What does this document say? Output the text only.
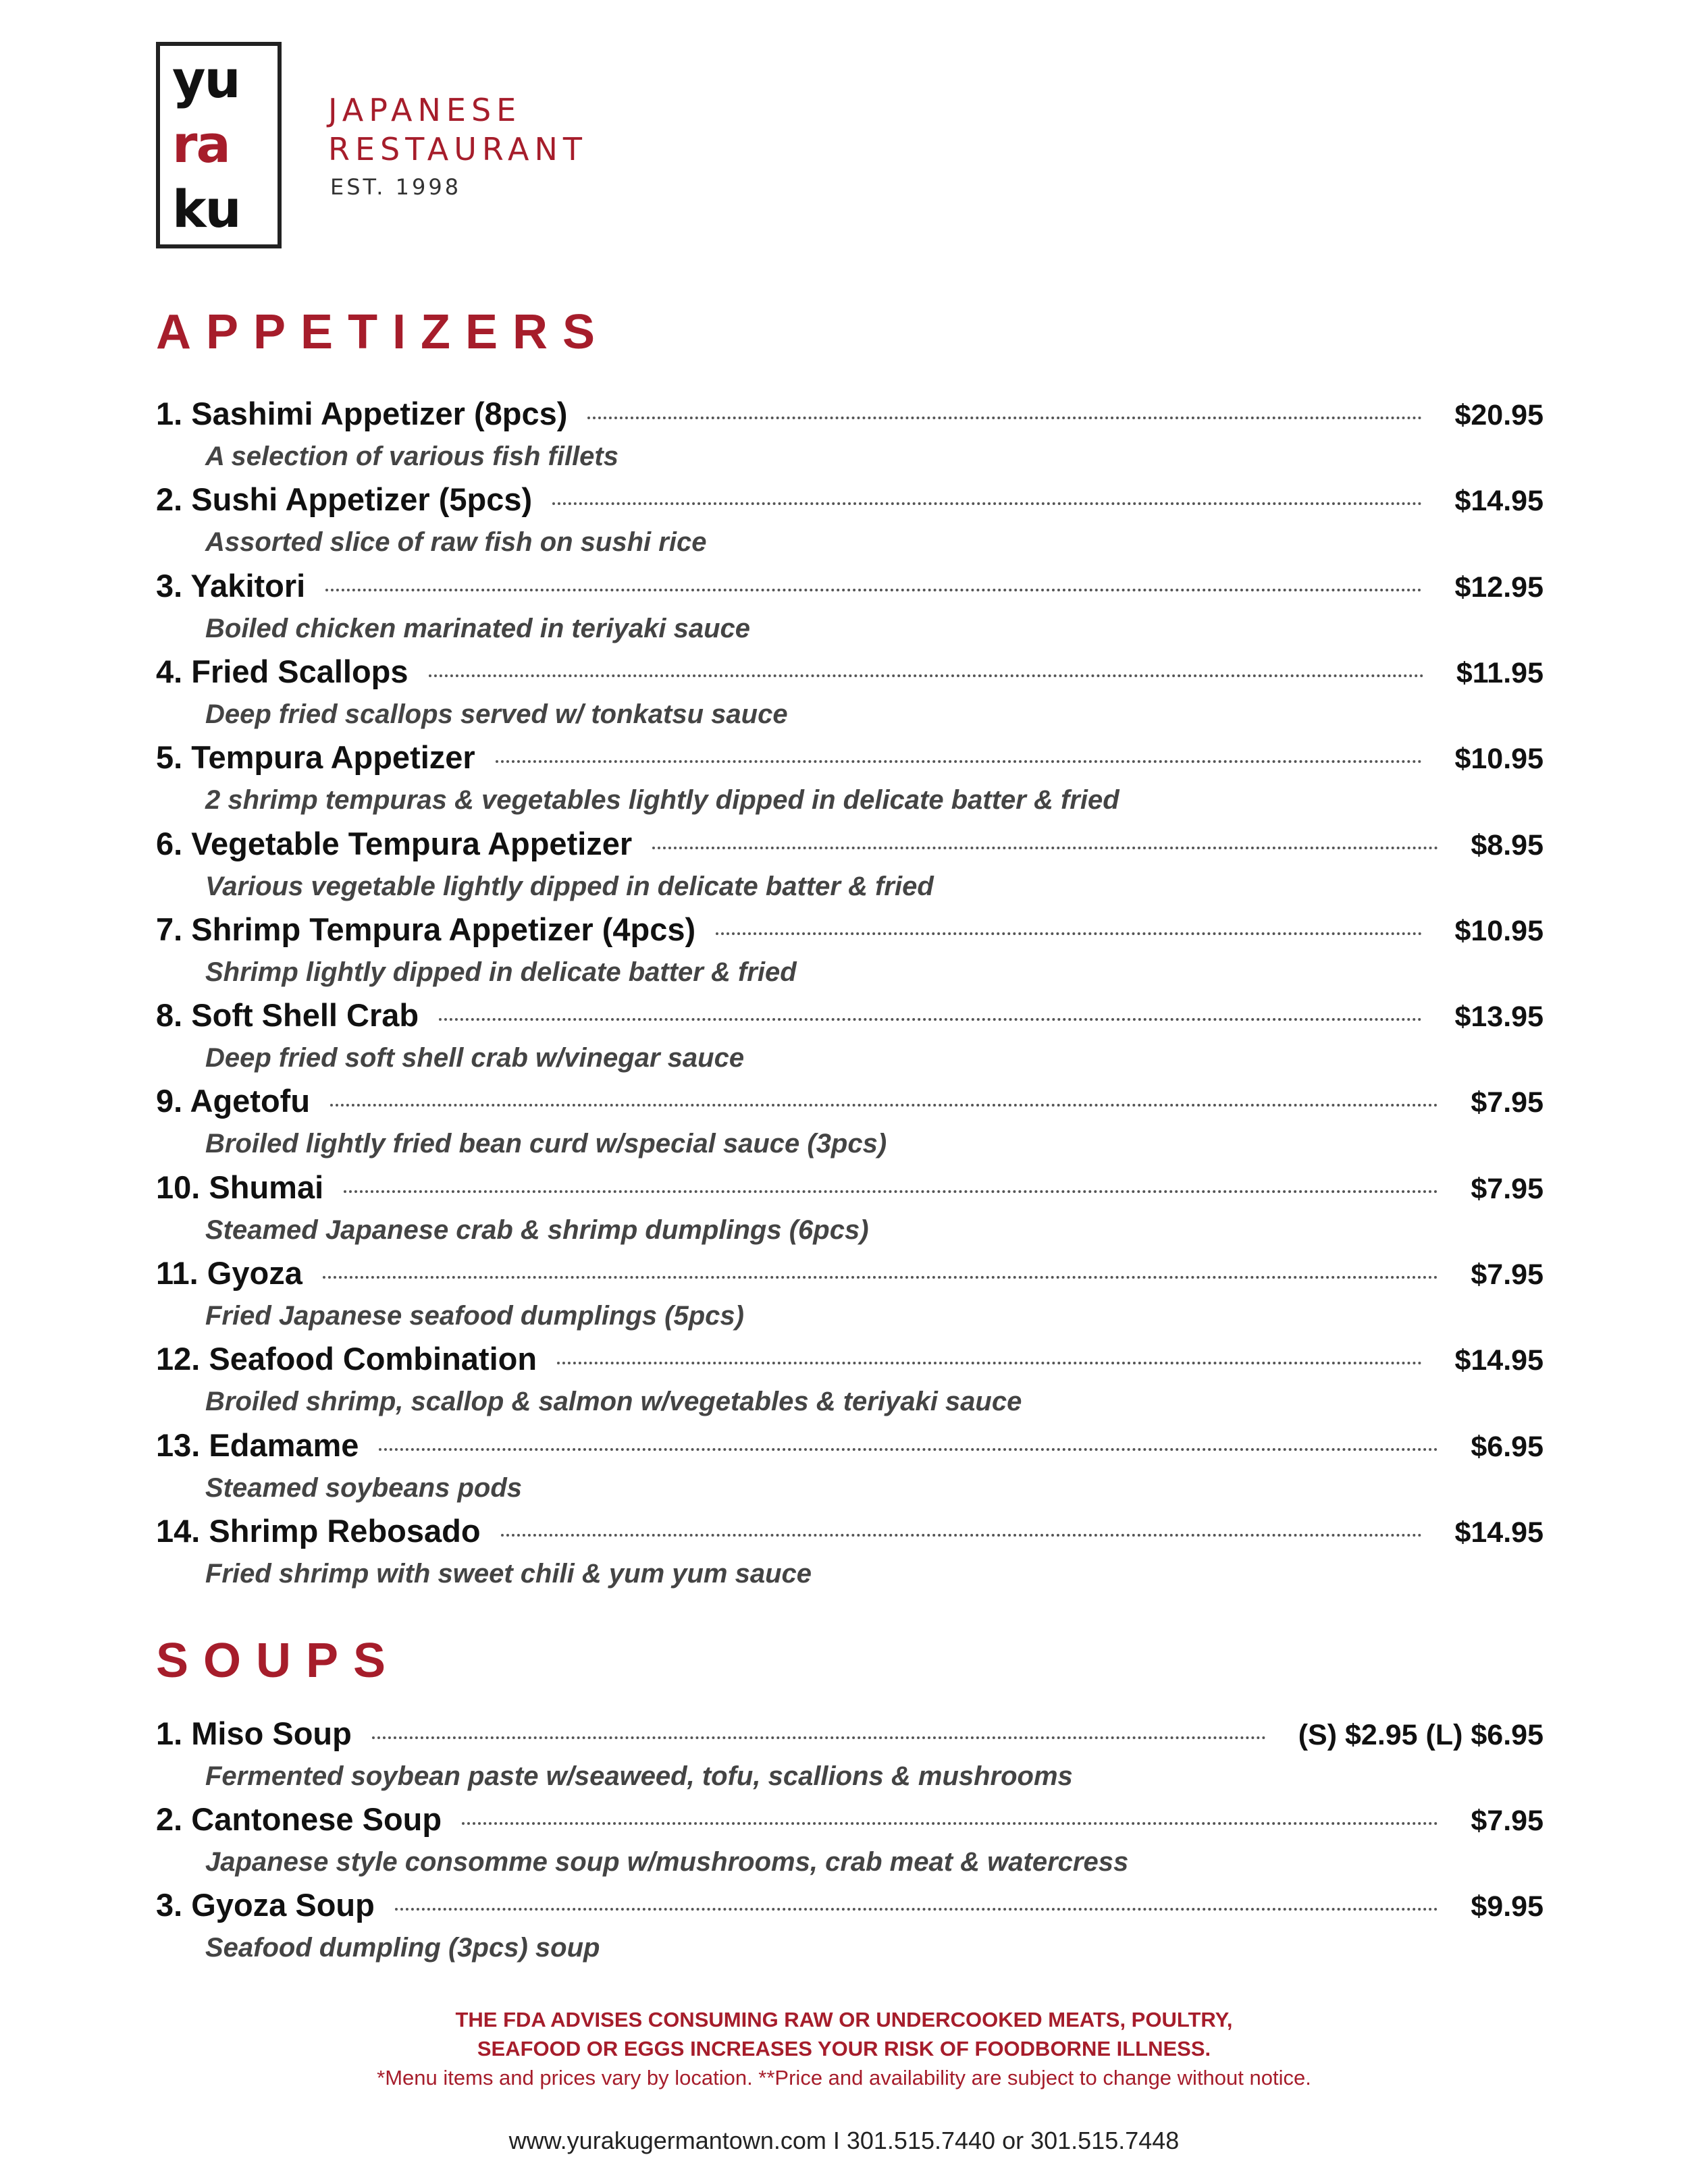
yu
ra
ku
JAPANESE
RESTAURANT
EST. 1998
APPETIZERS
1. Sashimi Appetizer (8pcs)	$20.95
A selection of various fish fillets
2. Sushi Appetizer (5pcs)	$14.95
Assorted slice of raw fish on sushi rice
3. Yakitori	$12.95
Boiled chicken marinated in teriyaki sauce
4. Fried Scallops	$11.95
Deep fried scallops served w/ tonkatsu sauce
5. Tempura Appetizer	$10.95
2 shrimp tempuras & vegetables lightly dipped in delicate batter & fried
6. Vegetable Tempura Appetizer	$8.95
Various vegetable lightly dipped in delicate batter & fried
7. Shrimp Tempura Appetizer (4pcs)	$10.95
Shrimp lightly dipped in delicate batter & fried
8. Soft Shell Crab	$13.95
Deep fried soft shell crab w/vinegar sauce
9. Agetofu	$7.95
Broiled lightly fried bean curd w/special sauce (3pcs)
10. Shumai	$7.95
Steamed Japanese crab & shrimp dumplings (6pcs)
11. Gyoza	$7.95
Fried Japanese seafood dumplings (5pcs)
12. Seafood Combination	$14.95
Broiled shrimp, scallop & salmon w/vegetables & teriyaki sauce
13. Edamame	$6.95
Steamed soybeans pods
14. Shrimp Rebosado	$14.95
Fried shrimp with sweet chili & yum yum sauce
SOUPS
1. Miso Soup	(S) $2.95 (L) $6.95
Fermented soybean paste w/seaweed, tofu, scallions & mushrooms
2. Cantonese Soup	$7.95
Japanese style consomme soup w/mushrooms, crab meat & watercress
3. Gyoza Soup	$9.95
Seafood dumpling (3pcs) soup
THE FDA ADVISES CONSUMING RAW OR UNDERCOOKED MEATS, POULTRY,
SEAFOOD OR EGGS INCREASES YOUR RISK OF FOODBORNE ILLNESS.
*Menu items and prices vary by location. **Price and availability are subject to change without notice.
www.yurakugermantown.com I 301.515.7440 or 301.515.7448
